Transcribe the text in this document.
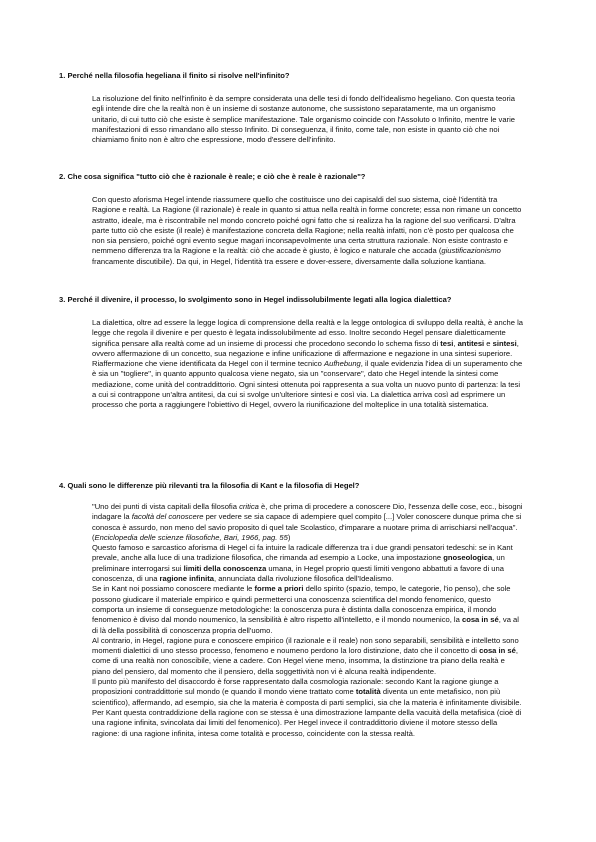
1. Perché nella filosofia hegeliana il finito si risolve nell'infinito?

La risoluzione del finito nell'infinito è da sempre considerata una delle tesi di fondo dell'idealismo hegeliano. Con questa teoria egli intende dire che la realtà non è un insieme di sostanze autonome, che sussistono separatamente, ma un organismo unitario, di cui tutto ciò che esiste è semplice manifestazione. Tale organismo coincide con l'Assoluto o Infinito, mentre le varie manifestazioni di esso rimandano allo stesso Infinito. Di conseguenza, il finito, come tale, non esiste in quanto ciò che noi chiamiamo finito non è altro che espressione, modo d'essere dell'infinito.

2. Che cosa significa "tutto ciò che è razionale è reale; e ciò che è reale è razionale"?

Con questo aforisma Hegel intende riassumere quello che costituisce uno dei capisaldi del suo sistema, cioè l'identità tra Ragione e realtà. La Ragione (il razionale) è reale in quanto si attua nella realtà in forme concrete; essa non rimane un concetto astratto, ideale, ma è riscontrabile nel mondo concreto poiché ogni fatto che si realizza ha la ragione del suo verificarsi. D'altra parte tutto ciò che esiste (il reale) è manifestazione concreta della Ragione; nella realtà infatti, non c'è posto per qualcosa che non sia pensiero, poiché ogni evento segue magari inconsapevolmente una certa struttura razionale. Non esiste contrasto e nemmeno differenza tra la Ragione e la realtà: ciò che accade è giusto, è logico e naturale che accada (giustificazionismo francamente discutibile). Da qui, in Hegel, l'identità tra essere e dover-essere, diversamente dalla soluzione kantiana.

3. Perché il divenire, il processo, lo svolgimento sono in Hegel indissolubilmente legati alla logica dialettica?

La dialettica, oltre ad essere la legge logica di comprensione della realtà e la legge ontologica di sviluppo della realtà, è anche la legge che regola il divenire e per questo è legata indissolubilmente ad esso. Inoltre secondo Hegel pensare dialetticamente significa pensare alla realtà come ad un insieme di processi che procedono secondo lo schema fisso di tesi, antitesi e sintesi, ovvero affermazione di un concetto, sua negazione e infine unificazione di affermazione e negazione in una sintesi superiore. Riaffermazione che viene identificata da Hegel con il termine tecnico Aufhebung, il quale evidenzia l'idea di un superamento che è sia un "togliere", in quanto appunto qualcosa viene negato, sia un "conservare", dato che Hegel intende la sintesi come mediazione, come unità del contraddittorio. Ogni sintesi ottenuta poi rappresenta a sua volta un nuovo punto di partenza: la tesi a cui si contrappone un'altra antitesi, da cui si svolge un'ulteriore sintesi e così via. La dialettica arriva così ad esprimere un processo che porta a raggiungere l'obiettivo di Hegel, ovvero la riunificazione del molteplice in una totalità sistematica.

4. Quali sono le differenze più rilevanti tra la filosofia di Kant e la filosofia di Hegel?

"Uno dei punti di vista capitali della filosofia critica è, che prima di procedere a conoscere Dio, l'essenza delle cose, ecc., bisogni indagare la facoltà del conoscere per vedere se sia capace di adempiere quel compito [...] Voler conoscere dunque prima che si conosca è assurdo, non meno del savio proposito di quel tale Scolastico, d'imparare a nuotare prima di arrischiarsi nell'acqua". (Enciclopedia delle scienze filosofiche, Bari, 1966, pag. 55)

Questo famoso e sarcastico aforisma di Hegel ci fa intuire la radicale differenza tra i due grandi pensatori tedeschi: se in Kant prevale, anche alla luce di una tradizione filosofica, che rimanda ad esempio a Locke, una impostazione gnoseologica, un preliminare interrogarsi sui limiti della conoscenza umana, in Hegel proprio questi limiti vengono abbattuti a favore di una conoscenza, di una ragione infinita, annunciata dalla rivoluzione filosofica dell'Idealismo.

Se in Kant noi possiamo conoscere mediante le forme a priori dello spirito (spazio, tempo, le categorie, l'io penso), che sole possono giudicare il materiale empirico e quindi permetterci una conoscenza scientifica del mondo fenomenico, questo comporta un insieme di conseguenze metodologiche: la conoscenza pura è distinta dalla conoscenza empirica, il mondo fenomenico è diviso dal mondo noumenico, la sensibilità è altro rispetto all'intelletto, e il mondo noumenico, la cosa in sé, va al di là della possibilità di conoscenza propria dell'uomo.

Al contrario, in Hegel, ragione pura e conoscere empirico (il razionale e il reale) non sono separabili, sensibilità e intelletto sono momenti dialettici di uno stesso processo, fenomeno e noumeno perdono la loro distinzione, dato che il concetto di cosa in sé, come di una realtà non conoscibile, viene a cadere. Con Hegel viene meno, insomma, la distinzione tra piano della realtà e piano del pensiero, dal momento che il pensiero, della soggettività non vi è alcuna realtà indipendente.

Il punto più manifesto del disaccordo è forse rappresentato dalla cosmologia razionale: secondo Kant la ragione giunge a proposizioni contraddittorie sul mondo (e quando il mondo viene trattato come totalità diventa un ente metafisico, non più scientifico), affermando, ad esempio, sia che la materia è composta di parti semplici, sia che la materia è infinitamente divisibile. Per Kant questa contraddizione della ragione con se stessa è una dimostrazione lampante della vacuità della metafisica (cioè di una ragione infinita, svincolata dai limiti del fenomenico). Per Hegel invece il contraddittorio diviene il motore stesso della ragione: di una ragione infinita, intesa come totalità e processo, coincidente con la stessa realtà.
